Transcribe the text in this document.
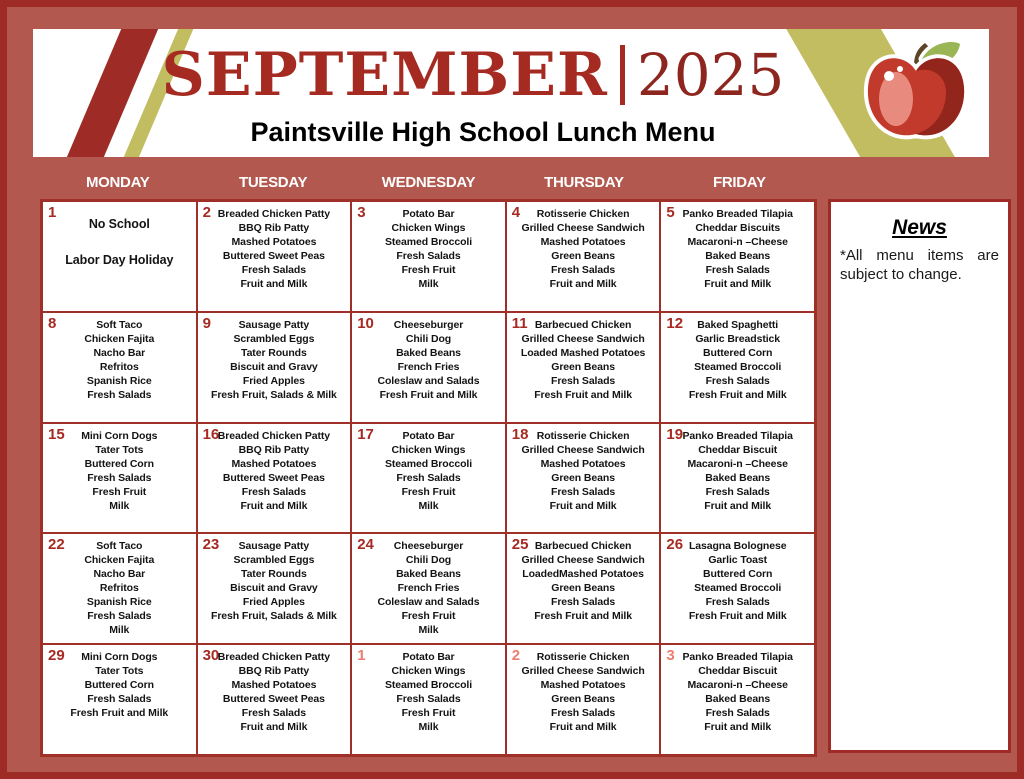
SEPTEMBER 2025
Paintsville High School Lunch Menu
MONDAY	TUESDAY	WEDNESDAY	THURSDAY	FRIDAY
1
No School

Labor Day Holiday
2 Breaded Chicken Patty
BBQ Rib Patty
Mashed Potatoes
Buttered Sweet Peas
Fresh Salads
Fruit and Milk
3	Potato Bar
Chicken Wings
Steamed Broccoli
Fresh Salads
Fresh Fruit
Milk
4	Rotisserie Chicken
Grilled Cheese Sandwich
Mashed Potatoes
Green Beans
Fresh Salads
Fruit and Milk
5 Panko Breaded Tilapia
Cheddar Biscuits
Macaroni-n –Cheese
Baked Beans
Fresh Salads
Fruit and Milk
8	Soft Taco
Chicken Fajita
Nacho Bar
Refritos
Spanish Rice
Fresh Salads
9	Sausage Patty
Scrambled Eggs
Tater Rounds
Biscuit and Gravy
Fried Apples
Fresh Fruit, Salads & Milk
10	Cheeseburger
Chili Dog
Baked Beans
French Fries
Coleslaw and Salads
Fresh Fruit and Milk
11 Barbecued Chicken
Grilled Cheese Sandwich
Loaded Mashed Potatoes
Green Beans
Fresh Salads
Fresh Fruit and Milk
12	Baked Spaghetti
Garlic Breadstick
Buttered Corn
Steamed Broccoli
Fresh Salads
Fresh Fruit and Milk
15	Mini Corn Dogs
Tater Tots
Buttered Corn
Fresh Salads
Fresh Fruit
Milk
16
Breaded Chicken Patty
BBQ Rib Patty
Mashed Potatoes
Buttered Sweet Peas
Fresh Salads
Fruit and Milk
17	Potato Bar
Chicken Wings
Steamed Broccoli
Fresh Salads
Fresh Fruit
Milk
18 Rotisserie Chicken
Grilled Cheese Sandwich
Mashed Potatoes
Green Beans
Fresh Salads
Fruit and Milk
19 Panko Breaded Tilapia
Cheddar Biscuit
Macaroni-n –Cheese
Baked Beans
Fresh Salads
Fruit and Milk
22	Soft Taco
Chicken Fajita
Nacho Bar
Refritos
Spanish Rice
Fresh Salads
Milk
23	Sausage Patty
Scrambled Eggs
Tater Rounds
Biscuit and Gravy
Fried Apples
Fresh Fruit, Salads & Milk
24	Cheeseburger
Chili Dog
Baked Beans
French Fries
Coleslaw and Salads
Fresh Fruit
Milk
25 Barbecued Chicken
Grilled Cheese Sandwich
LoadedMashed Potatoes
Green Beans
Fresh Salads
Fresh Fruit and Milk
26 Lasagna Bolognese
Garlic Toast
Buttered Corn
Steamed Broccoli
Fresh Salads
Fresh Fruit and Milk
29	Mini Corn Dogs
Tater Tots
Buttered Corn
Fresh Salads
Fresh Fruit and Milk
30
Breaded Chicken Patty
BBQ Rib Patty
Mashed Potatoes
Buttered Sweet Peas
Fresh Salads
Fruit and Milk
1	Potato Bar
Chicken Wings
Steamed Broccoli
Fresh Salads
Fresh Fruit
Milk
2	Rotisserie Chicken
Grilled Cheese Sandwich
Mashed Potatoes
Green Beans
Fresh Salads
Fruit and Milk
3 Panko Breaded Tilapia
Cheddar Biscuit
Macaroni-n –Cheese
Baked Beans
Fresh Salads
Fruit and Milk
News
*All menu items are subject to change.
